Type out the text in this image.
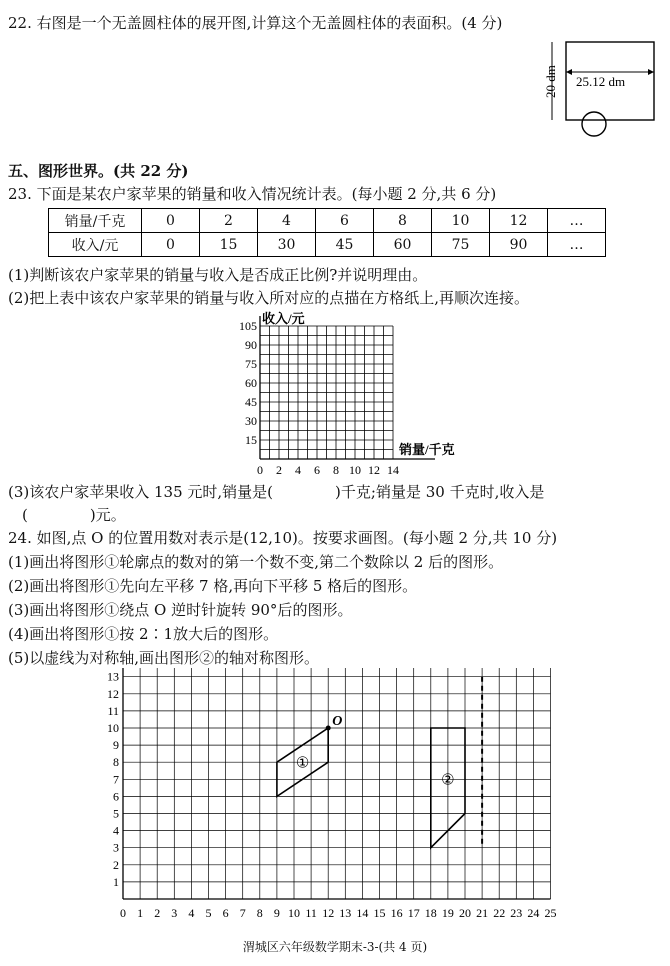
22. 右图是一个无盖圆柱体的展开图,计算这个无盖圆柱体的表面积。(4 分)
25.12 dm
20 dm
五、图形世界。(共 22 分)
23. 下面是某农户家苹果的销量和收入情况统计表。(每小题 2 分,共 6 分)
销量/千克	0	2	4	6	8	10	12	…
收入/元	0	15	30	45	60	75	90	…
(1)判断该农户家苹果的销量与收入是否成正比例?并说明理由。
(2)把上表中该农户家苹果的销量与收入所对应的点描在方格纸上,再顺次连接。
0 2 4 6 8 10 12 14
15
30
45
60
75
90
105 收入/元
销量/千克
(3)该农户家苹果收入 135 元时,销量是(	)千克;销量是 30 千克时,收入是
(	)元。
24. 如图,点 O 的位置用数对表示是(12,10)。按要求画图。(每小题 2 分,共 10 分)
(1)画出将图形①轮廓点的数对的第一个数不变,第二个数除以 2 后的图形。
(2)画出将图形①先向左平移 7 格,再向下平移 5 格后的图形。
(3)画出将图形①绕点 O 逆时针旋转 90°后的图形。
(4)画出将图形①按 2∶1放大后的图形。
(5)以虚线为对称轴,画出图形②的轴对称图形。
0 1 2 3 4 5 6 7 8 9 10 11 12 13 14 15 16 17 18 19 20 21 22 23 24 25
1
2
3
4
5
6
7
8
9
10
11
12
13
①
②
O
渭城区六年级数学期末-3-(共 4 页)
